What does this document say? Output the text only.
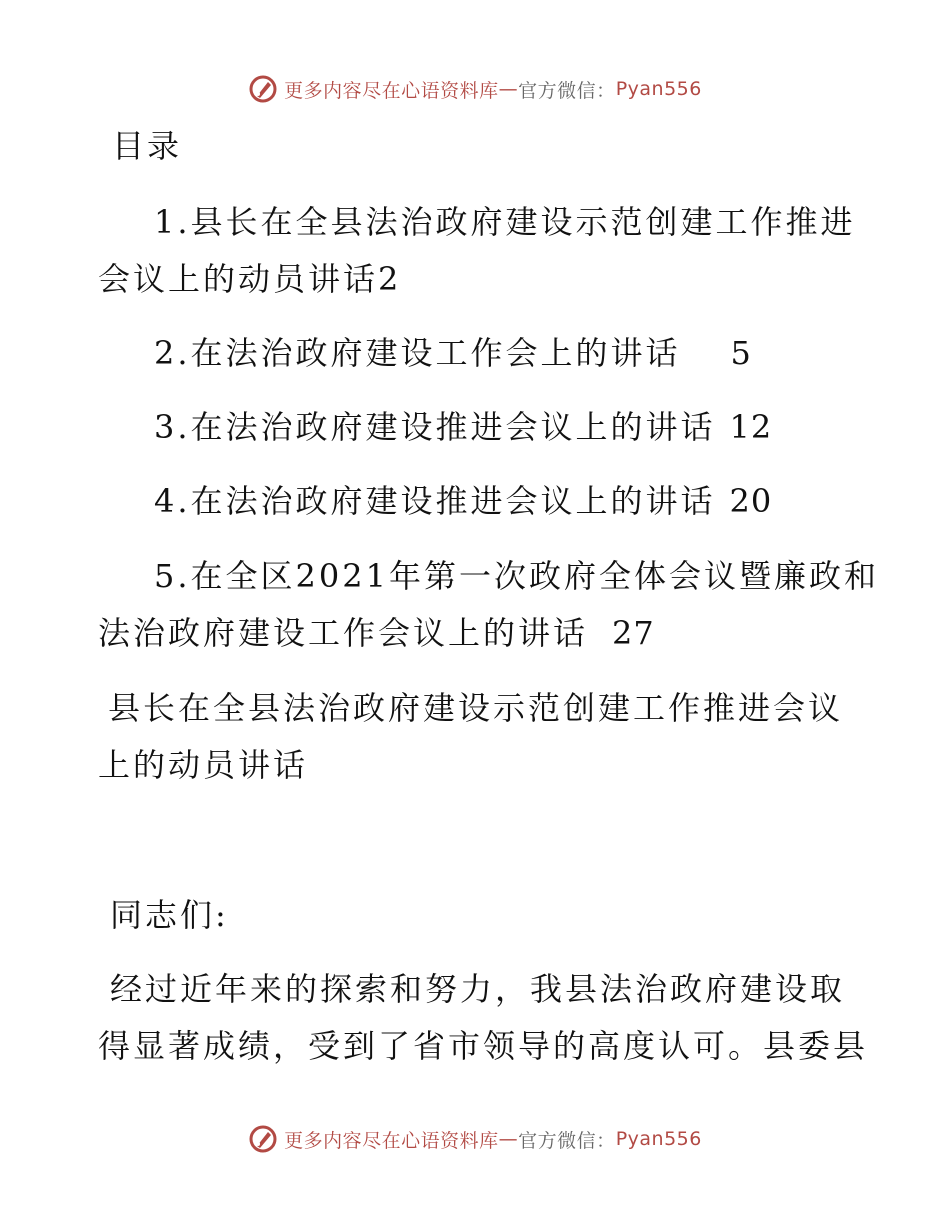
更多内容尽在心语资料库 — 官方微信： Pyan556
目录
1.县长在全县法治政府建设示范创建工作推进
会议上的动员讲话2
2.在法治政府建设工作会上的讲话 5
3.在法治政府建设推进会议上的讲话 12
4.在法治政府建设推进会议上的讲话 20
5.在全区2021年第一次政府全体会议暨廉政和
法治政府建设工作会议上的讲话 27
县长在全县法治政府建设示范创建工作推进会议
上的动员讲话
同志们:
经过近年来的探索和努力，我县法治政府建设取
得显著成绩，受到了省市领导的高度认可。县委县
更多内容尽在心语资料库 — 官方微信： Pyan556
